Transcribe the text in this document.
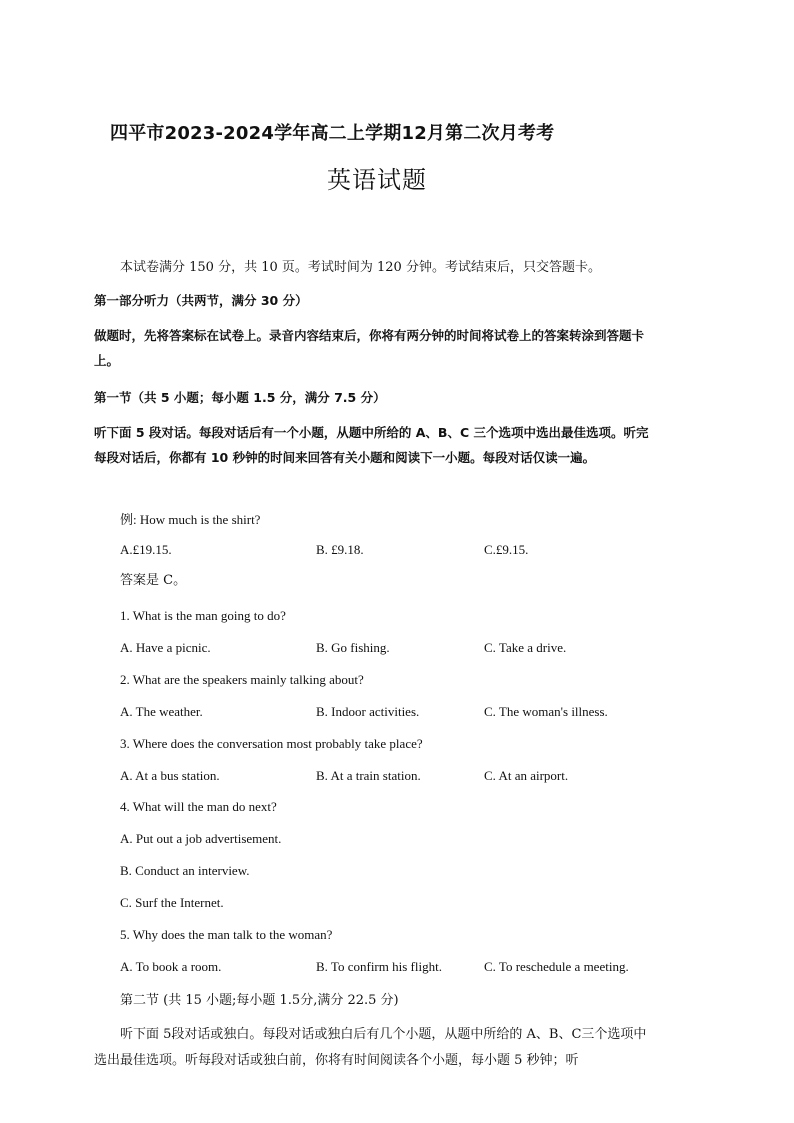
四平市2023-2024学年高二上学期12月第二次月考考
英语试题
本试卷满分 150 分，共 10 页。考试时间为 120 分钟。考试结束后，只交答题卡。
第一部分听力（共两节，满分 30 分）
做题时，先将答案标在试卷上。录音内容结束后，你将有两分钟的时间将试卷上的答案转涂到答题卡上。
第一节（共 5 小题；每小题 1.5 分，满分 7.5 分）
听下面 5 段对话。每段对话后有一个小题，从题中所给的 A、B、C 三个选项中选出最佳选项。听完每段对话后，你都有 10 秒钟的时间来回答有关小题和阅读下一小题。每段对话仅读一遍。
例: How much is the shirt?
A.£19.15.	B. £9.18.	C.£9.15.
答案是 C。
1. What is the man going to do?
A. Have a picnic.	B. Go fishing.	C. Take a drive.
2. What are the speakers mainly talking about?
A. The weather.	B. Indoor activities.	C. The woman's illness.
3. Where does the conversation most probably take place?
A. At a bus station.	B. At a train station.	C. At an airport.
4. What will the man do next?
A. Put out a job advertisement.
B. Conduct an interview.
C. Surf the Internet.
5. Why does the man talk to the woman?
A. To book a room.	B. To confirm his flight.	C. To reschedule a meeting.
第二节 (共 15 小题;每小题 1.5分,满分 22.5 分)
听下面 5段对话或独白。每段对话或独白后有几个小题，从题中所给的 A、B、C三个选项中选出最佳选项。听每段对话或独白前，你将有时间阅读各个小题，每小题 5 秒钟；听
